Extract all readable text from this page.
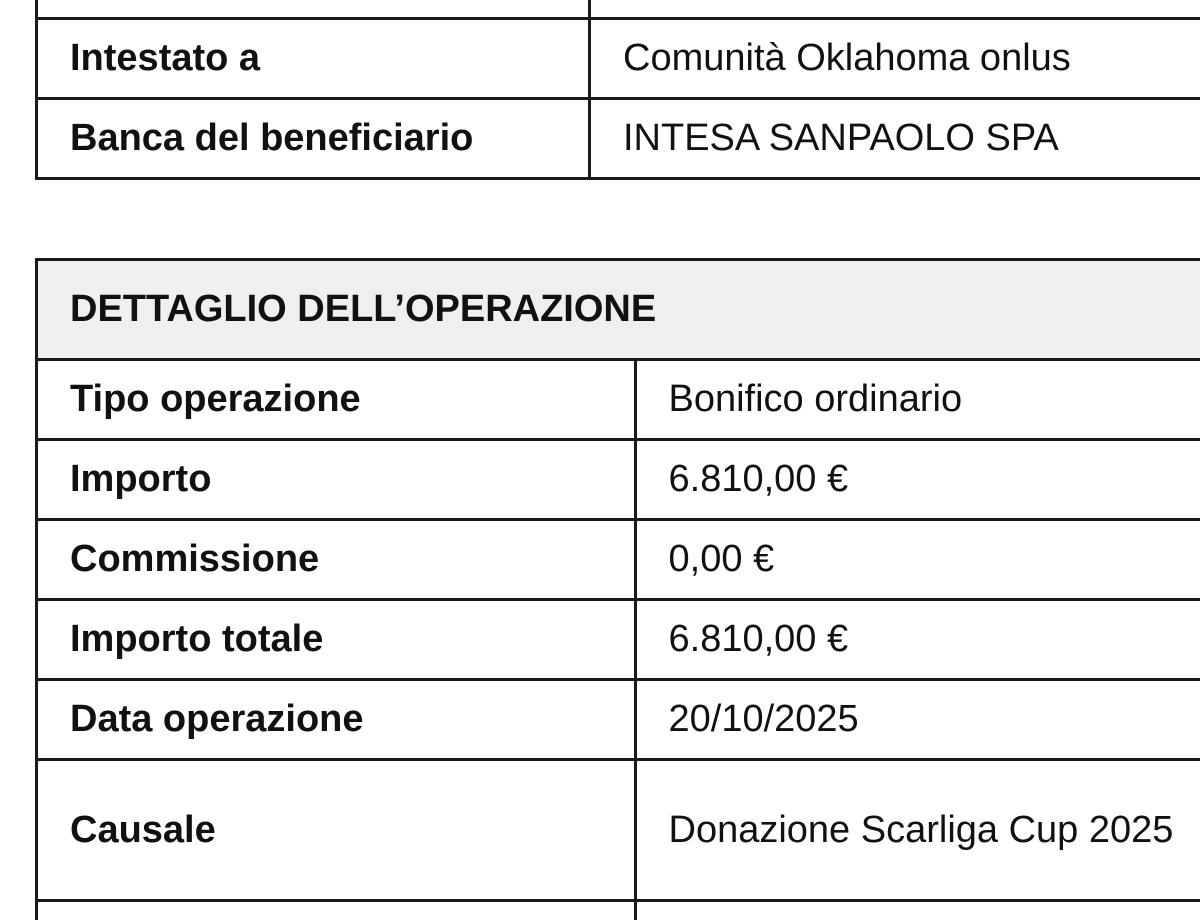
Intestato a	Comunità Oklahoma onlus
Banca del beneficiario	INTESA SANPAOLO SPA
DETTAGLIO DELL’OPERAZIONE	
Tipo operazione	Bonifico ordinario
Importo	6.810,00 €
Commissione	0,00 €
Importo totale	6.810,00 €
Data operazione	20/10/2025
Causale	Donazione Scarliga Cup 2025
